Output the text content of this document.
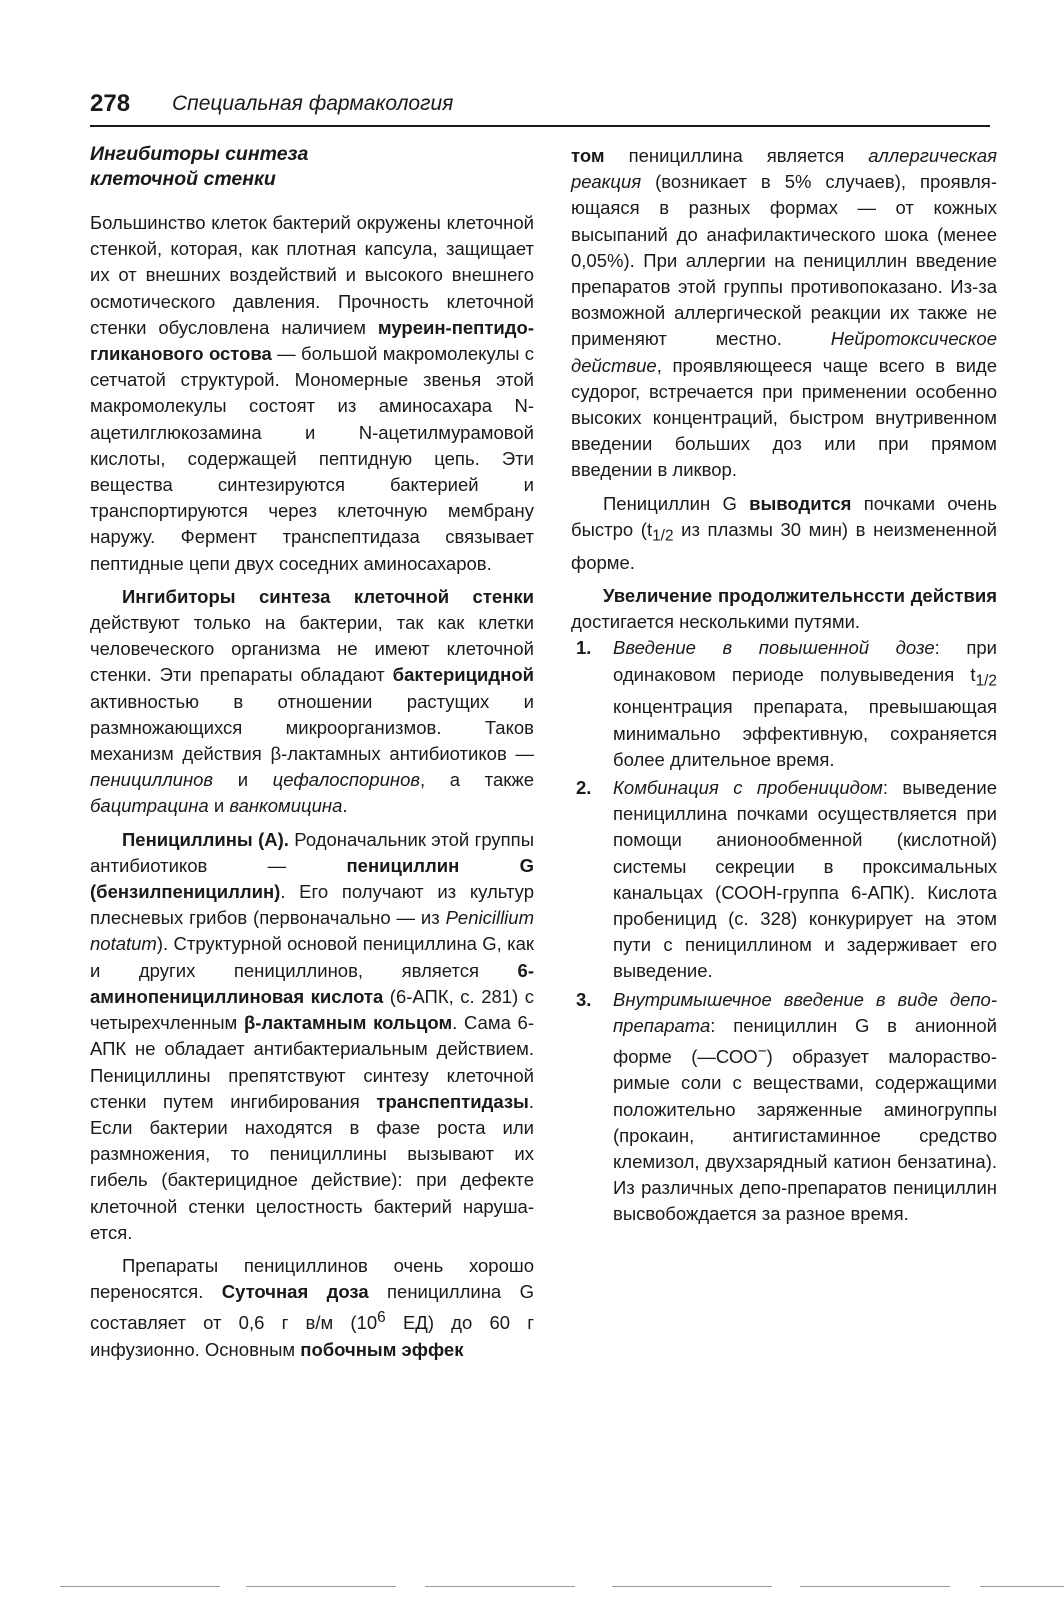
278 Специальная фармакология
Ингибиторы синтеза
клеточной стенки

Большинство клеток бактерий окружены клеточной стенкой, которая, как плотная капсула, защищает их от внешних воздействий и высокого внешнего осмотического давления. Прочность клеточной стенки обусловлена наличием муреин-пептидогликанового остова — большой макромолекулы с сетчатой структурой. Мономерные звенья этой макромолекулы состоят из аминосахара N-ацетилглюкозамина и N-ацетилмурамовой кислоты, содержащей пептидную цепь. Эти вещества синтезируются бактерией и транспортируются через клеточную мембрану наружу. Фермент транспептидаза связывает пептидные цепи двух соседних аминосахаров.

Ингибиторы синтеза клеточной стенки действуют только на бактерии, так как клетки человеческого организма не имеют клеточной стенки. Эти препараты обладают бактерицидной активностью в отношении растущих и размножающихся микроорганизмов. Таков механизм действия β-лактамных антибиотиков — пенициллинов и цефалоспоринов, а также бацитрацина и ванкомицина.

Пенициллины (А). Родоначальник этой группы антибиотиков — пенициллин G (бензилпенициллин). Его получают из культур плесневых грибов (первоначально — из Penicillium notatum). Структурной основой пенициллина G, как и других пенициллинов, является 6-аминопенициллиновая кислота (6-АПК, с. 281) с четырехчленным β-лактамным кольцом. Сама 6-АПК не обладает антибактериальным действием. Пенициллины препятствуют синтезу клеточной стенки путем ингибирования транспептидазы. Если бактерии находятся в фазе роста или размножения, то пенициллины вызывают их гибель (бактерицидное действие): при дефекте клеточной стенки целостность бактерий нарушается.

Препараты пенициллинов очень хорошо переносятся. Суточная доза пенициллина G составляет от 0,6 г в/м ($10^6$ ЕД) до 60 г инфузионно. Основным побочным эффек

том пенициллина является аллергическая реакция (возникает в 5% случаев), проявляющаяся в разных формах — от кожных высыпаний до анафилактического шока (менее 0,05%). При аллергии на пенициллин введение препаратов этой группы противопоказано. Из-за возможной аллергической реакции их также не применяют местно. Нейротоксическое действие, проявляющееся чаще всего в виде судорог, встречается при применении особенно высоких концентраций, быстром внутривенном введении больших доз или при прямом введении в ликвор.

Пенициллин G выводится почками очень быстро ($t_{1/2}$ из плазмы 30 мин) в неизмененной форме.

Увеличение продолжительнсcти действия достигается несколькими путями.

1. Введение в повышенной дозе: при одинаковом периоде полувыведения $t_{1/2}$ концентрация препарата, превышающая минимально эффективную, сохраняется более длительное время.
2. Комбинация с пробеницидом: выведение пенициллина почками осуществляется при помощи анионообменной (кислотной) системы секреции в проксимальных канальцах (СООН-группа 6-АПК). Кислота пробеницид (с. 328) конкурирует на этом пути с пенициллином и задерживает его выведение.
3. Внутримышечное введение в виде депо-препарата: пенициллин G в анионной форме (—СОО−) образует малорастворимые соли с веществами, содержащими положительно заряженные аминогруппы (прокаин, антигистаминное средство клемизол, двухзарядный катион бензатина). Из различных депо-препаратов пенициллин высвобождается за разное время.
